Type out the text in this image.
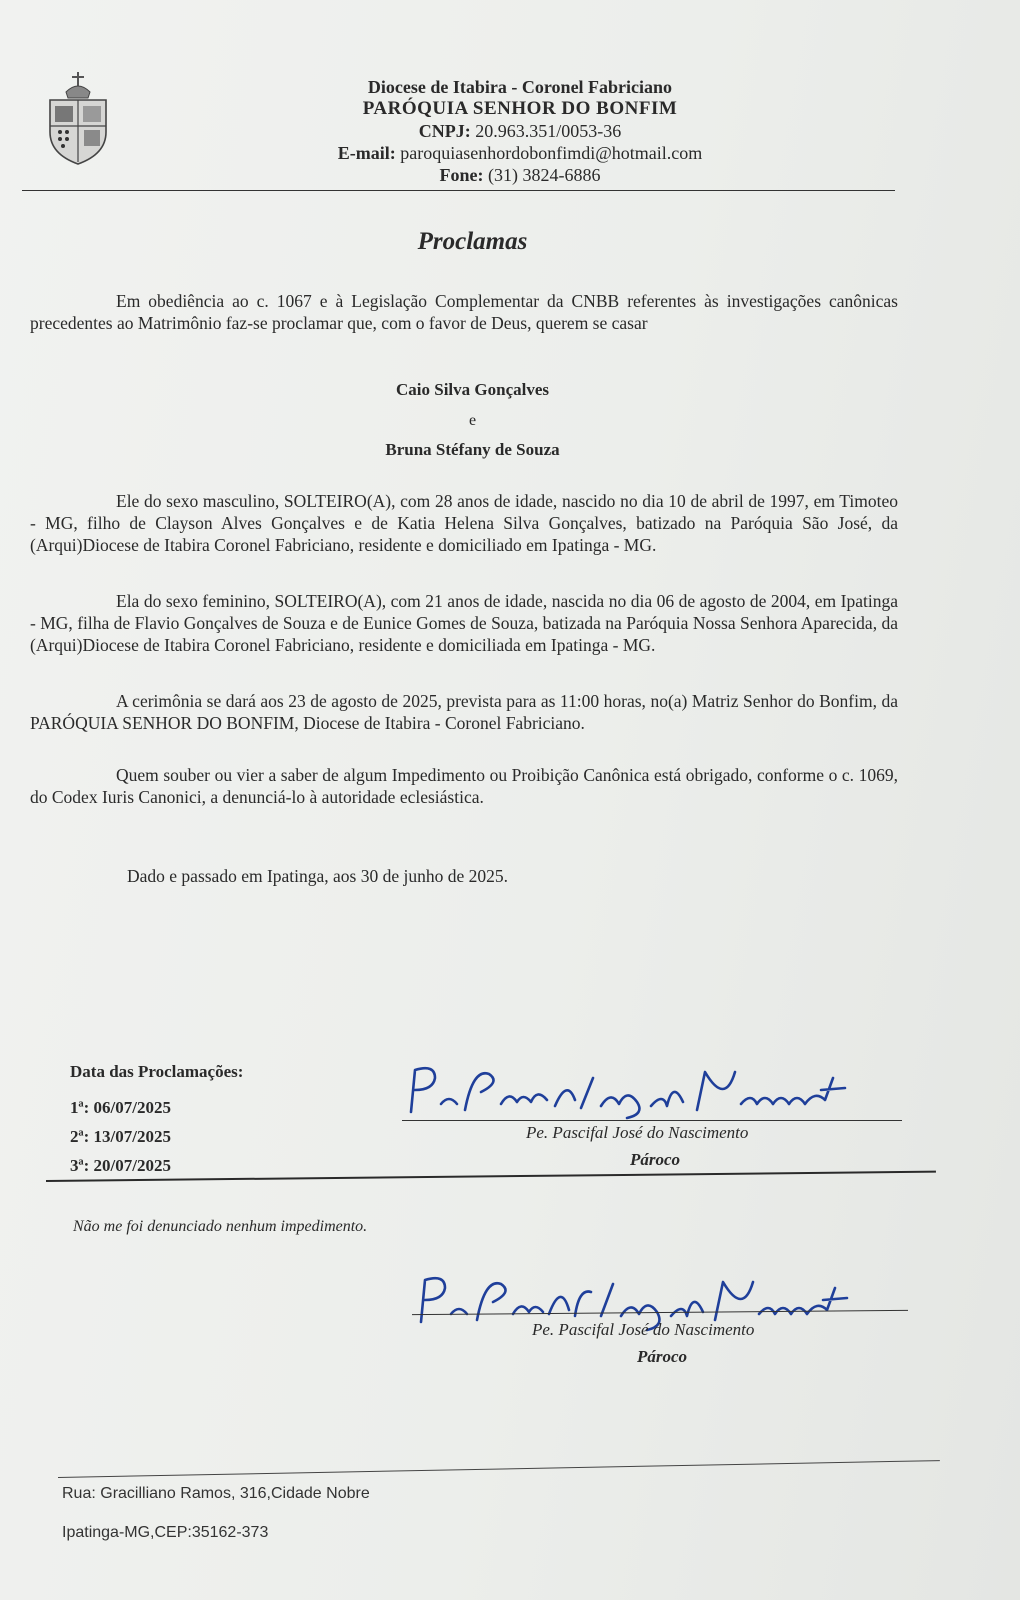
Diocese de Itabira - Coronel Fabriciano
PARÓQUIA SENHOR DO BONFIM
CNPJ: 20.963.351/0053-36
E-mail: paroquiasenhordobonfimdi@hotmail.com
Fone: (31) 3824-6886
Proclamas

Em obediência ao c. 1067 e à Legislação Complementar da CNBB referentes às investigações canônicas precedentes ao Matrimônio faz-se proclamar que, com o favor de Deus, querem se casar

Caio Silva Gonçalves
e
Bruna Stéfany de Souza

Ele do sexo masculino, SOLTEIRO(A), com 28 anos de idade, nascido no dia 10 de abril de 1997, em Timoteo - MG, filho de Clayson Alves Gonçalves e de Katia Helena Silva Gonçalves, batizado na Paróquia São José, da (Arqui)Diocese de Itabira Coronel Fabriciano, residente e domiciliado em Ipatinga - MG.

Ela do sexo feminino, SOLTEIRO(A), com 21 anos de idade, nascida no dia 06 de agosto de 2004, em Ipatinga - MG, filha de Flavio Gonçalves de Souza e de Eunice Gomes de Souza, batizada na Paróquia Nossa Senhora Aparecida, da (Arqui)Diocese de Itabira Coronel Fabriciano, residente e domiciliada em Ipatinga - MG.

A cerimônia se dará aos 23 de agosto de 2025, prevista para as 11:00 horas, no(a) Matriz Senhor do Bonfim, da PARÓQUIA SENHOR DO BONFIM, Diocese de Itabira - Coronel Fabriciano.

Quem souber ou vier a saber de algum Impedimento ou Proibição Canônica está obrigado, conforme o c. 1069, do Codex Iuris Canonici, a denunciá-lo à autoridade eclesiástica.

Dado e passado em Ipatinga, aos 30 de junho de 2025.
Data das Proclamações:
1ª: 06/07/2025
2ª: 13/07/2025
3ª: 20/07/2025
Pe. Pascifal José do Nascimento
Pároco
Não me foi denunciado nenhum impedimento.
Pe. Pascifal José do Nascimento
Pároco
Rua: Gracilliano Ramos, 316,Cidade Nobre
Ipatinga-MG,CEP:35162-373
